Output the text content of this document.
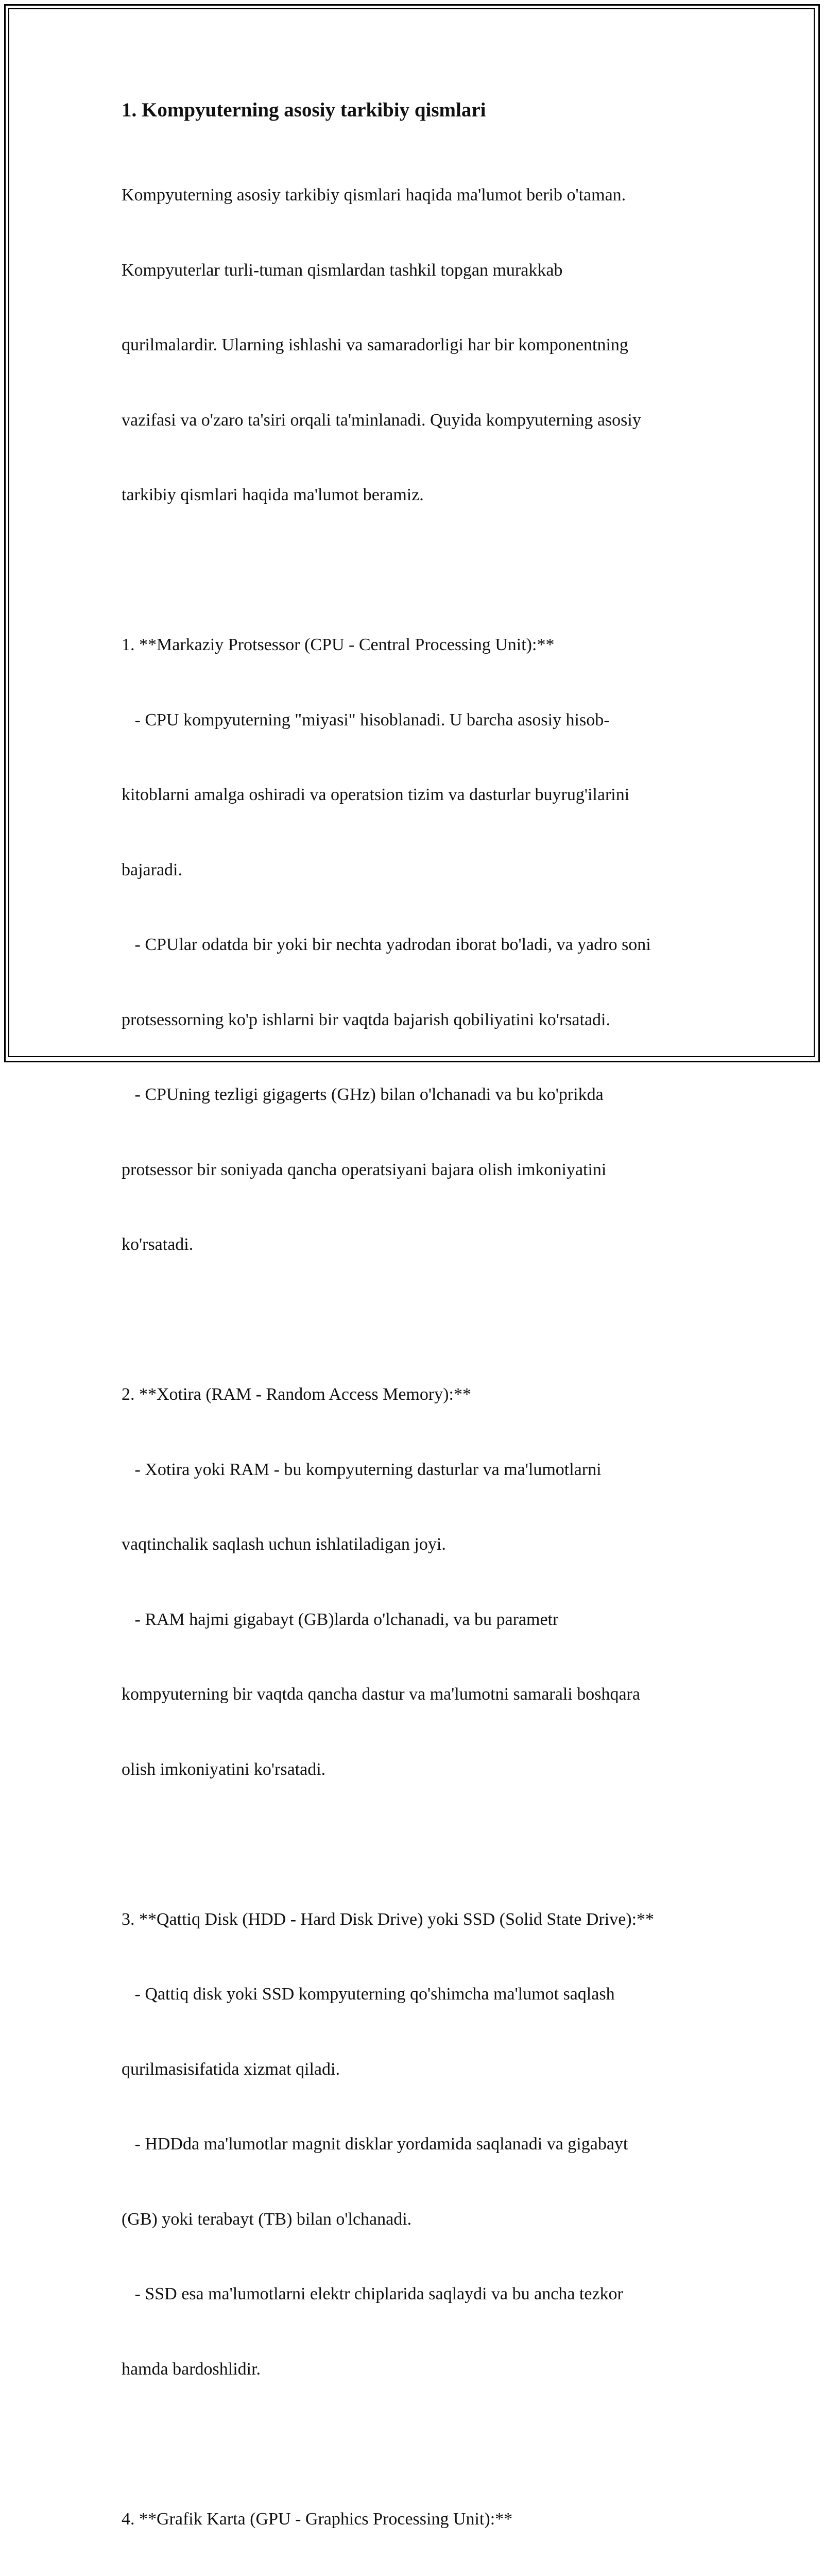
1. Kompyuterning asosiy tarkibiy qismlari

Kompyuterning asosiy tarkibiy qismlari haqida ma'lumot berib o'taman.

Kompyuterlar turli-tuman qismlardan tashkil topgan murakkab

qurilmalardir. Ularning ishlashi va samaradorligi har bir komponentning

vazifasi va o'zaro ta'siri orqali ta'minlanadi. Quyida kompyuterning asosiy

tarkibiy qismlari haqida ma'lumot beramiz.

1. **Markaziy Protsessor (CPU - Central Processing Unit):**

- CPU kompyuterning "miyasi" hisoblanadi. U barcha asosiy hisob-

kitoblarni amalga oshiradi va operatsion tizim va dasturlar buyrug'ilarini

bajaradi.

- CPUlar odatda bir yoki bir nechta yadrodan iborat bo'ladi, va yadro soni

protsessorning ko'p ishlarni bir vaqtda bajarish qobiliyatini ko'rsatadi.

- CPUning tezligi gigagerts (GHz) bilan o'lchanadi va bu ko'prikda

protsessor bir soniyada qancha operatsiyani bajara olish imkoniyatini

ko'rsatadi.

2. **Xotira (RAM - Random Access Memory):**

- Xotira yoki RAM - bu kompyuterning dasturlar va ma'lumotlarni

vaqtinchalik saqlash uchun ishlatiladigan joyi.

- RAM hajmi gigabayt (GB)larda o'lchanadi, va bu parametr

kompyuterning bir vaqtda qancha dastur va ma'lumotni samarali boshqara

olish imkoniyatini ko'rsatadi.

3. **Qattiq Disk (HDD - Hard Disk Drive) yoki SSD (Solid State Drive):**

- Qattiq disk yoki SSD kompyuterning qo'shimcha ma'lumot saqlash

qurilmasisifatida xizmat qiladi.

- HDDda ma'lumotlar magnit disklar yordamida saqlanadi va gigabayt

(GB) yoki terabayt (TB) bilan o'lchanadi.

- SSD esa ma'lumotlarni elektr chiplarida saqlaydi va bu ancha tezkor

hamda bardoshlidir.

4. **Grafik Karta (GPU - Graphics Processing Unit):**
